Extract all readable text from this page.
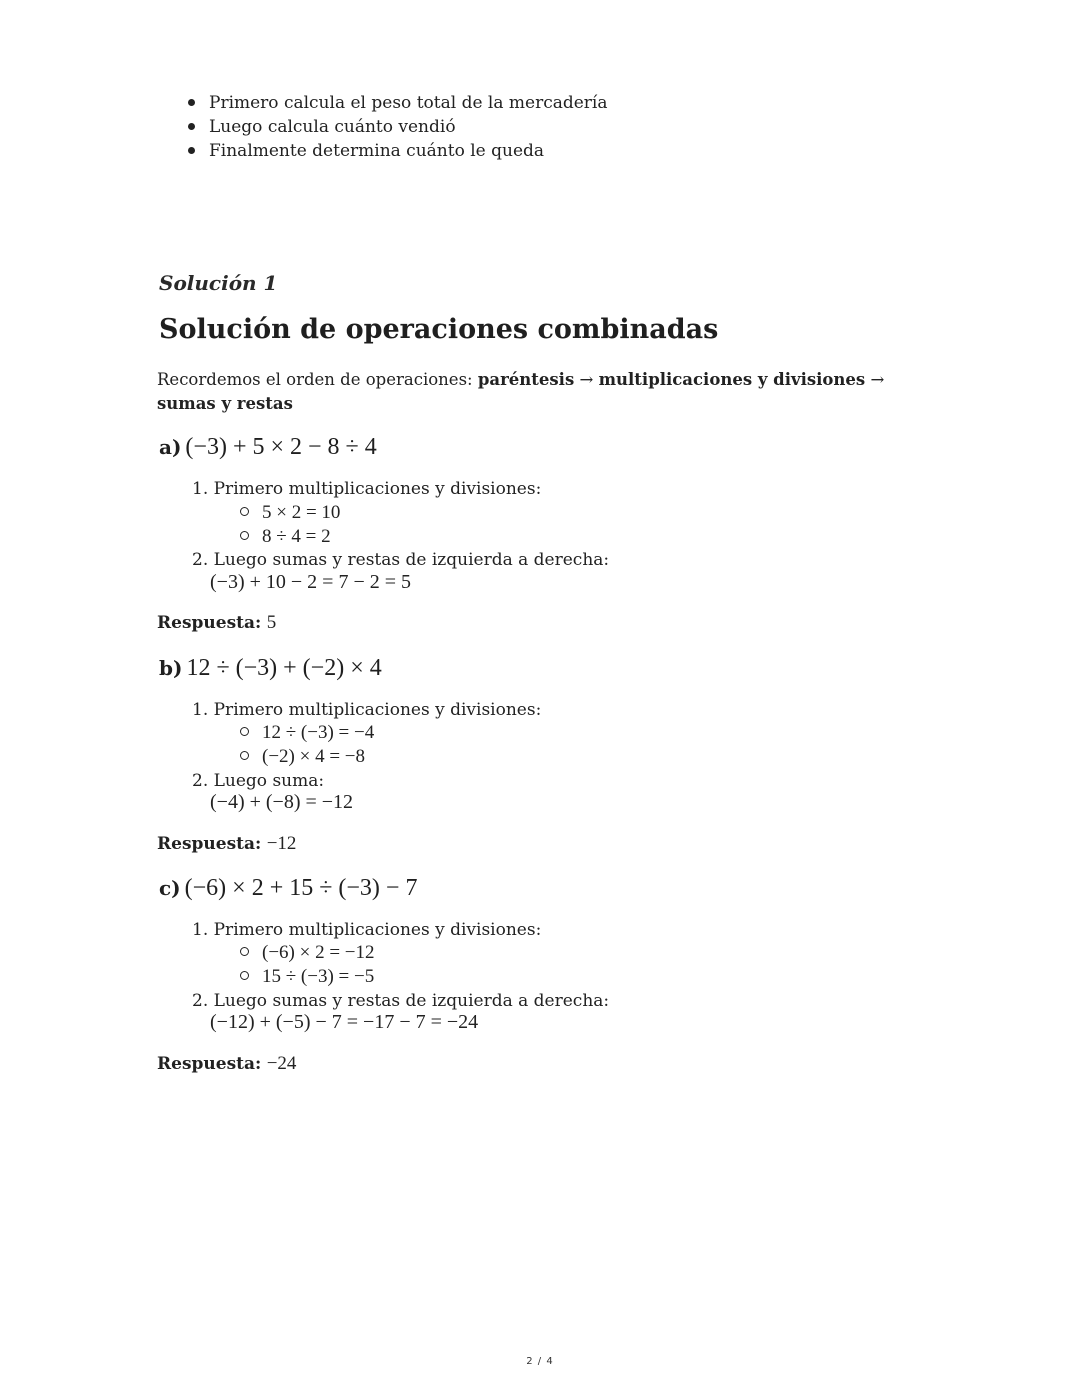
Primero calcula el peso total de la mercadería
Luego calcula cuánto vendió
Finalmente determina cuánto le queda
Solución 1
Solución de operaciones combinadas
Recordemos el orden de operaciones: paréntesis → multiplicaciones y divisiones →
sumas y restas
a) (−3) + 5 × 2 − 8 ÷ 4
1. Primero multiplicaciones y divisiones:
5 × 2 = 10
8 ÷ 4 = 2
2. Luego sumas y restas de izquierda a derecha:
(−3) + 10 − 2 = 7 − 2 = 5
Respuesta: 5
b) 12 ÷ (−3) + (−2) × 4
1. Primero multiplicaciones y divisiones:
12 ÷ (−3) = −4
(−2) × 4 = −8
2. Luego suma:
(−4) + (−8) = −12
Respuesta: −12
c) (−6) × 2 + 15 ÷ (−3) − 7
1. Primero multiplicaciones y divisiones:
(−6) × 2 = −12
15 ÷ (−3) = −5
2. Luego sumas y restas de izquierda a derecha:
(−12) + (−5) − 7 = −17 − 7 = −24
Respuesta: −24
2 / 4
